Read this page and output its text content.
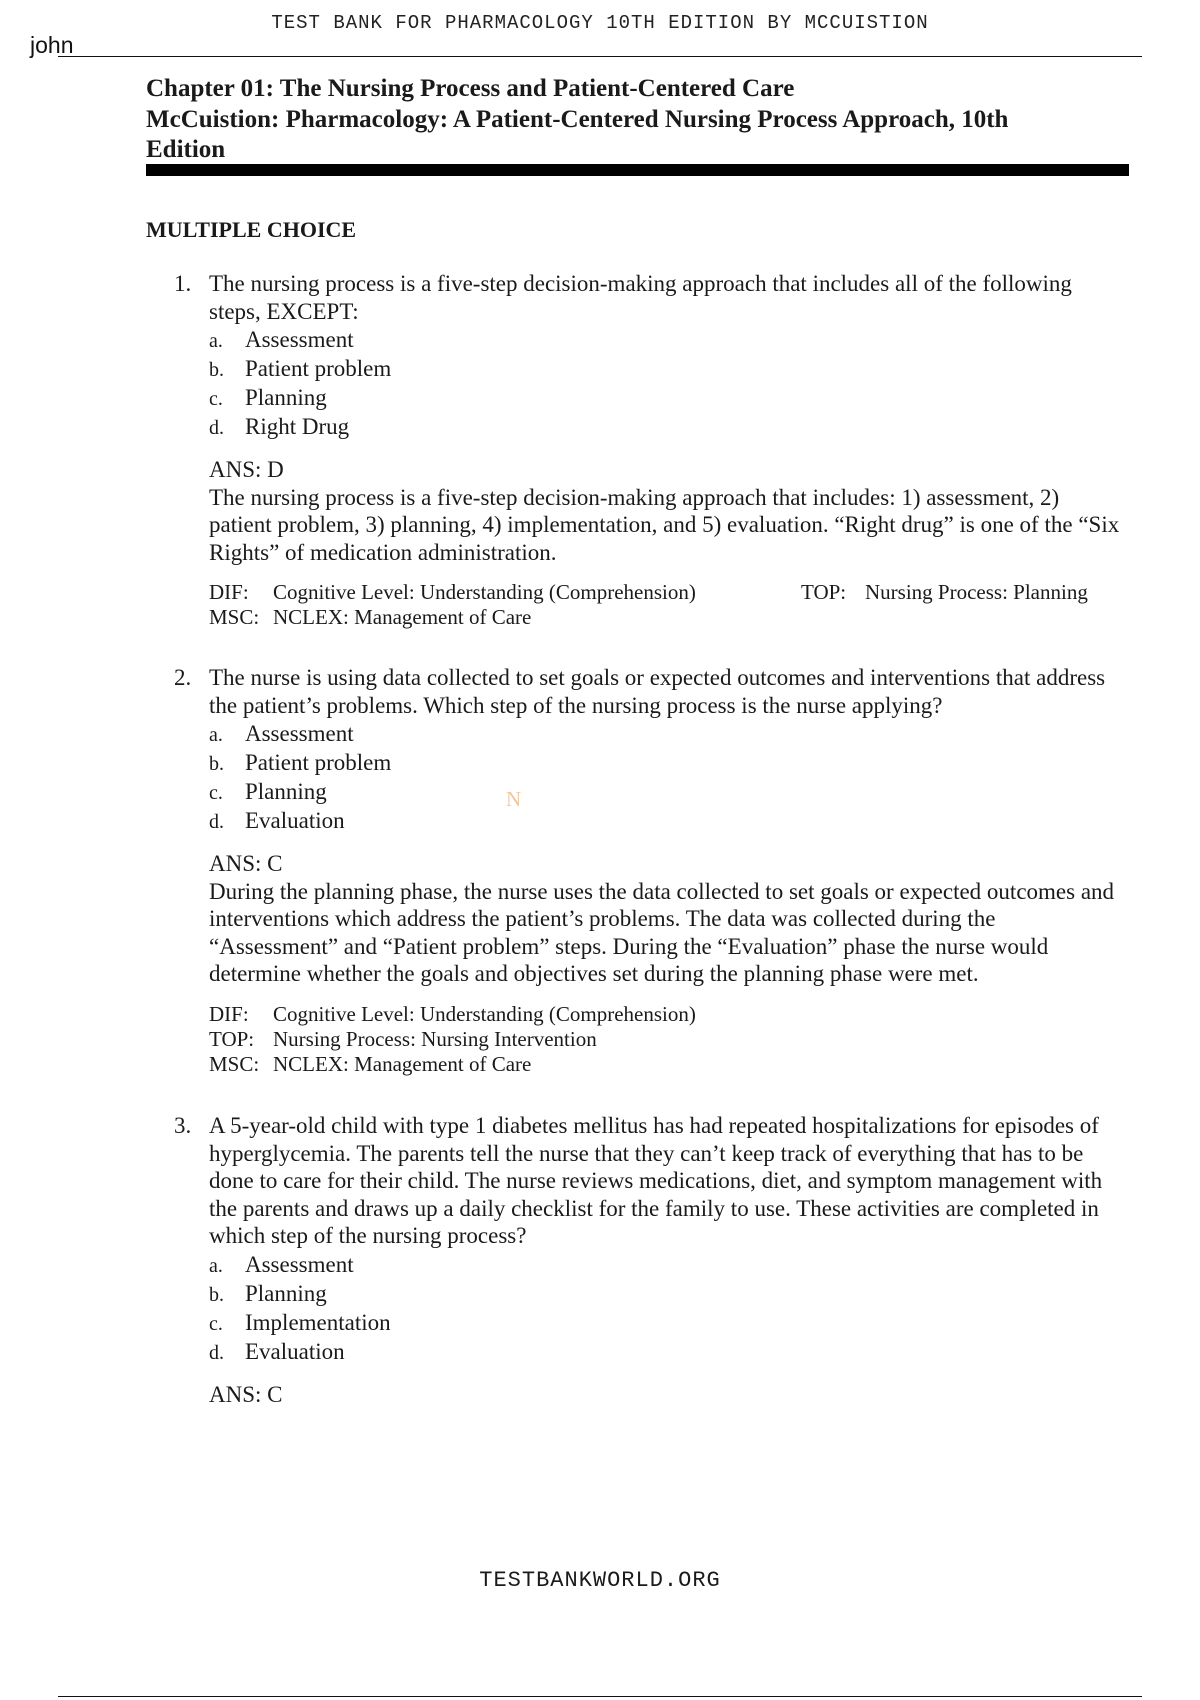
TEST BANK FOR PHARMACOLOGY 10TH EDITION BY MCCUISTION
john
Chapter 01: The Nursing Process and Patient-Centered Care
McCuistion: Pharmacology: A Patient-Centered Nursing Process Approach, 10th
Edition
MULTIPLE CHOICE
1. The nursing process is a five-step decision-making approach that includes all of the following steps, EXCEPT:
a. Assessment
b. Patient problem
c. Planning
d. Right Drug
ANS: D
The nursing process is a five-step decision-making approach that includes: 1) assessment, 2) patient problem, 3) planning, 4) implementation, and 5) evaluation. “Right drug” is one of the “Six Rights” of medication administration.
DIF: Cognitive Level: Understanding (Comprehension)	TOP: Nursing Process: Planning
MSC: NCLEX: Management of Care
2. The nurse is using data collected to set goals or expected outcomes and interventions that address the patient’s problems. Which step of the nursing process is the nurse applying?
a. Assessment
b. Patient problem
c. Planning
d. Evaluation
ANS: C
During the planning phase, the nurse uses the data collected to set goals or expected outcomes and interventions which address the patient’s problems. The data was collected during the “Assessment” and “Patient problem” steps. During the “Evaluation” phase the nurse would determine whether the goals and objectives set during the planning phase were met.
DIF: Cognitive Level: Understanding (Comprehension)
TOP: Nursing Process: Nursing Intervention
MSC: NCLEX: Management of Care
N
3. A 5-year-old child with type 1 diabetes mellitus has had repeated hospitalizations for episodes of hyperglycemia. The parents tell the nurse that they can’t keep track of everything that has to be done to care for their child. The nurse reviews medications, diet, and symptom management with the parents and draws up a daily checklist for the family to use. These activities are completed in which step of the nursing process?
a. Assessment
b. Planning
c. Implementation
d. Evaluation
ANS: C
TESTBANKWORLD.ORG
